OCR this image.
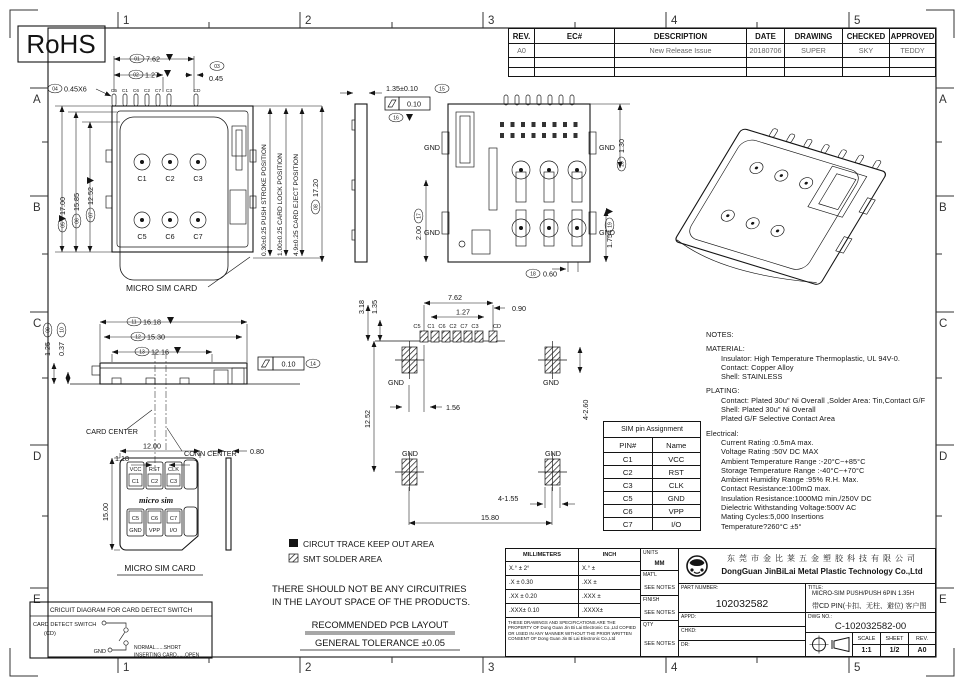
1	2	3	4	5
1	2	3	4	5
A
B
C
D
E
A
B
C
D
E
RoHS
C5 C1 C6 C2 C7 C3	CD
C1	C2	C3
C5	C6	C7
01 7.62
02 1.27
03
0.45
04 0.45X6
05
17.00
06
15.85
07
12.52	0.30±0.25 PUSH STROKE POSITION 1.00±0.25 CARD LOCK POSITION 4.9±0.25 CARD EJECT POSITION	08
17.20
MICRO SIM CARD
11 16.18
12 15.30
13 12.16
09
1.25
10
0.37
0.10	14
CARD CENTER
CONN CENTER
1.18
12.00
VCC RST CLK
C1 C2 C3
micro sim
C5 C6 C7
GND VPP I/O
15.00
0.80
MICRO SIM CARD
CRICUIT DIAGRAM FOR CARD DETECT SWITCH
CARD DETECT SWITCH
(CD)
GND
NORMAL......SHORT
INSERTING CARD......OPEN
GND
GND
GND
GND
1.35±0.10	15
0.10
16
2.00
17
18 0.60
1.75
19
20
1.30
C5 C1 C6 C2 C7 C3	CD
GND	GND
GND	GND
7.62
1.27	0.90
3.18 1.35
12.52
1.56	4-2.60
4-1.55
15.80
CIRCUT TRACE KEEP OUT AREA
SMT SOLDER AREA
THERE SHOULD NOT BE ANY CIRCUITRIES
IN THE LAYOUT SPACE OF THE PRODUCTS.
RECOMMENDED PCB LAYOUT
GENERAL TOLERANCE ±0.05
REV.	EC#	DESCRIPTION	DATE	DRAWING	CHECKED	APPROVED
A0		New Release Issue	20180706	SUPER	SKY	TEDDY

SIM pin Assignment	
PIN#	Name
C1	VCC
C2	RST
C3	CLK
C5	GND
C6	VPP
C7	I/O
NOTES:
MATERIAL:
Insulator: High Temperature Thermoplastic, UL 94V-0.
Contact: Copper Alloy
Shell: STAINLESS
PLATING:
Contact: Plated 30u" Ni Overall ,Solder Area: Tin,Contact G/F
Shell: Plated 30u" Ni Overall
Plated G/F Selective Contact Area
Electrical:
Current Rating :0.5mA max.
Voltage Rating :50V DC MAX
Ambient Temperature Range :-20°C~+85°C
Storage Temperature Range :-40°C~+70°C
Ambient Humidity Range :95% R.H. Max.
Contact Resistance:100mΩ max.
Insulation Resistance:1000MΩ min./250V DC
Dielectric Withstanding Voltage:500V AC
Mating Cycles:5,000 Insertions
Temperature?260°C ±5°
MILLIMETERS	INCH
X.° ± 2°	X.° ±
.X ± 0.30	.XX ±
.XX ± 0.20	.XXX ±
.XXX± 0.10	.XXXX±
THESE DRAWINGS AND SPECIFICATIONS ARE THE PROPERTY OF Dong Guan Jin Bi Lai Electronic Co.,Ltd COPIED OR USED IN ANY MANNER WITHOUT THE PRIOR WRITTEN CONSENT OF Dong Guan Jin Bi Lai Electronic Co.,Ltd
UNITS
MM
MAT'L
SEE NOTES
FINISH
SEE NOTES
QTY
SEE NOTES
东莞市金比莱五金塑胶科技有限公司
DongGuan JinBiLai Metal Plastic Technology Co.,Ltd
PART NUMBER:
102032582
TITLE:
MICRO-SIM PUSH/PUSH 6PIN 1.35H
带CD PIN(卡扣、无柱、避位) 客户图
APPD:
CHKD:
DR:
DWG NO.:
C-102032582-00
SCALE	SHEET	REV.
1:1	1/2	A0
